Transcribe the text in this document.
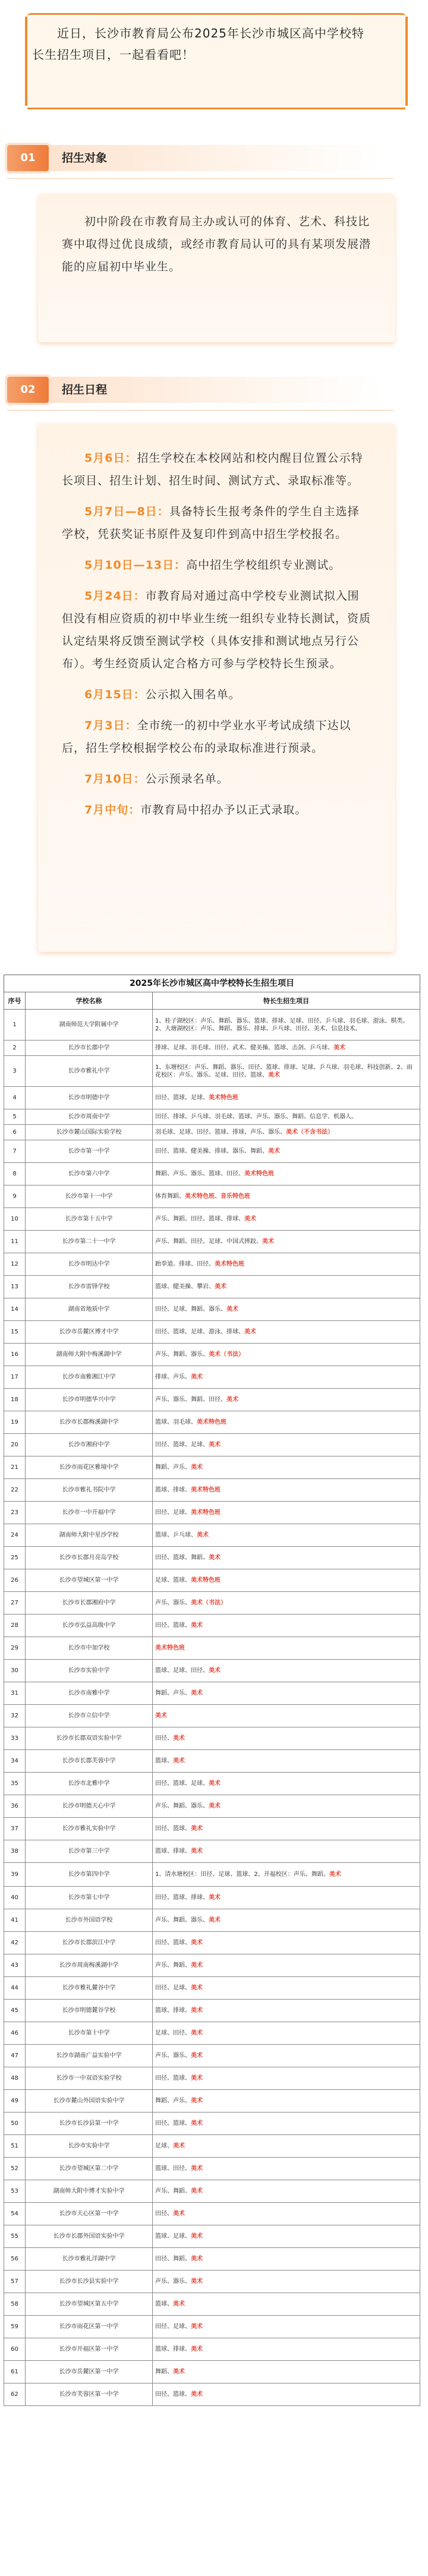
近日，长沙市教育局公布2025年长沙市城区高中学校特长生招生项目，一起看看吧！
01	招生对象
初中阶段在市教育局主办或认可的体育、艺术、科技比赛中取得过优良成绩，或经市教育局认可的具有某项发展潜能的应届初中毕业生。
02	招生日程

5月6日：招生学校在本校网站和校内醒目位置公示特长项目、招生计划、招生时间、测试方式、录取标准等。

5月7日—8日：具备特长生报考条件的学生自主选择学校，凭获奖证书原件及复印件到高中招生学校报名。

5月10日—13日：高中招生学校组织专业测试。

5月24日：市教育局对通过高中学校专业测试拟入围但没有相应资质的初中毕业生统一组织专业特长测试，资质认定结果将反馈至测试学校（具体安排和测试地点另行公布）。考生经资质认定合格方可参与学校特长生预录。

6月15日：公示拟入围名单。

7月3日：全市统一的初中学业水平考试成绩下达以后，招生学校根据学校公布的录取标准进行预录。

7月10日：公示预录名单。

7月中旬：市教育局中招办予以正式录取。

2025年长沙市城区高中学校特长生招生项目
序号	学校名称	特长生招生项目
1	湖南师范大学附属中学	1、桂子湖校区：声乐、舞蹈、器乐、篮球、排球、足球、田径、乒乓球、羽毛球、游泳、棋类。2、大塘湖校区：声乐、舞蹈、器乐、排球、乒乓球、田径、美术、信息技术。
2	长沙市长郡中学	排球、足球、羽毛球、田径、武术、健美操、篮球、击剑、乒乓球、美术
3	长沙市雅礼中学	1、东塘校区：声乐、舞蹈、器乐、田径、篮球、排球、足球、乒乓球、羽毛球、科技创新。2、雨花校区：声乐、器乐、足球、田径、篮球、美术
4	长沙市明德中学	田径、篮球、足球、美术特色班
5	长沙市周南中学	田径、排球、乒乓球、羽毛球、篮球、声乐、器乐、舞蹈、信息学、机器人。
6	长沙市麓山国际实验学校	羽毛球、足球、田径、篮球、排球、声乐、器乐、美术（不含书法）
7	长沙市第一中学	田径、篮球、健美操、排球、器乐、舞蹈、美术
8	长沙市第六中学	舞蹈、声乐、器乐、篮球、田径、美术特色班
9	长沙市第十一中学	体育舞蹈、美术特色班、音乐特色班
10	长沙市第十五中学	声乐、舞蹈、田径、篮球、排球、美术
11	长沙市第二十一中学	声乐、舞蹈、田径、足球、中国式摔跤、美术
12	长沙市明达中学	跆拳道、排球、田径、美术特色班
13	长沙市雷锋学校	篮球、健美操、攀岩、美术
14	湖南省地质中学	田径、足球、舞蹈、器乐、美术
15	长沙市岳麓区博才中学	田径、篮球、足球、游泳、排球、美术
16	湖南师大附中梅溪湖中学	声乐、舞蹈、器乐、美术（书法）
17	长沙市南雅湘江中学	排球、声乐、美术
18	长沙市明德华兴中学	声乐、器乐、舞蹈、田径、美术
19	长沙市长郡梅溪湖中学	篮球、羽毛球、美术特色班
20	长沙市湘府中学	田径、篮球、足球、美术
21	长沙市雨花区雅境中学	舞蹈、声乐、美术
22	长沙市雅礼书院中学	篮球、排球、美术特色班
23	长沙市一中开福中学	田径、足球、美术特色班
24	湖南师大附中星沙学校	篮球、乒乓球、美术
25	长沙市长郡月亮岛学校	田径、篮球、舞蹈、美术
26	长沙市望城区第一中学	足球、篮球、美术特色班
27	长沙市长郡湘府中学	声乐、器乐、美术（书法）
28	长沙市弘益高级中学	田径、篮球、美术
29	长沙市中加学校	美术特色班
30	长沙市实验中学	篮球、足球、田径、美术
31	长沙市南雅中学	舞蹈、声乐、美术
32	长沙市立信中学	美术
33	长沙市长郡双语实验中学	田径、美术
34	长沙市长郡芙蓉中学	篮球、美术
35	长沙市北雅中学	田径、篮球、足球、美术
36	长沙市明德天心中学	声乐、舞蹈、器乐、美术
37	长沙市雅礼实验中学	田径、篮球、美术
38	长沙市第三中学	篮球、排球、美术
39	长沙市第四中学	1、清水塘校区：田径、足球、篮球、2、开福校区：声乐、舞蹈、美术
40	长沙市第七中学	田径、篮球、排球、美术
41	长沙市外国语学校	声乐、舞蹈、器乐、美术
42	长沙市长郡滨江中学	田径、篮球、美术
43	长沙市周南梅溪湖中学	声乐、舞蹈、美术
44	长沙市雅礼麓谷中学	田径、足球、美术
45	长沙市明德麓谷学校	篮球、排球、美术
46	长沙市第十中学	足球、田径、美术
47	长沙市湖南广益实验中学	声乐、器乐、美术
48	长沙市一中双语实验学校	田径、篮球、美术
49	长沙市麓山外国语实验中学	舞蹈、声乐、美术
50	长沙市长沙县第一中学	田径、篮球、美术
51	长沙市实验中学	足球、美术
52	长沙市望城区第二中学	篮球、田径、美术
53	湖南师大附中博才实验中学	声乐、舞蹈、美术
54	长沙市天心区第一中学	田径、美术
55	长沙市长郡外国语实验中学	篮球、足球、美术
56	长沙市雅礼洋湖中学	田径、舞蹈、美术
57	长沙市长沙县实验中学	声乐、器乐、美术
58	长沙市望城区第五中学	篮球、美术
59	长沙市雨花区第一中学	田径、足球、美术
60	长沙市开福区第一中学	篮球、排球、美术
61	长沙市岳麓区第一中学	舞蹈、美术
62	长沙市芙蓉区第一中学	田径、篮球、美术
